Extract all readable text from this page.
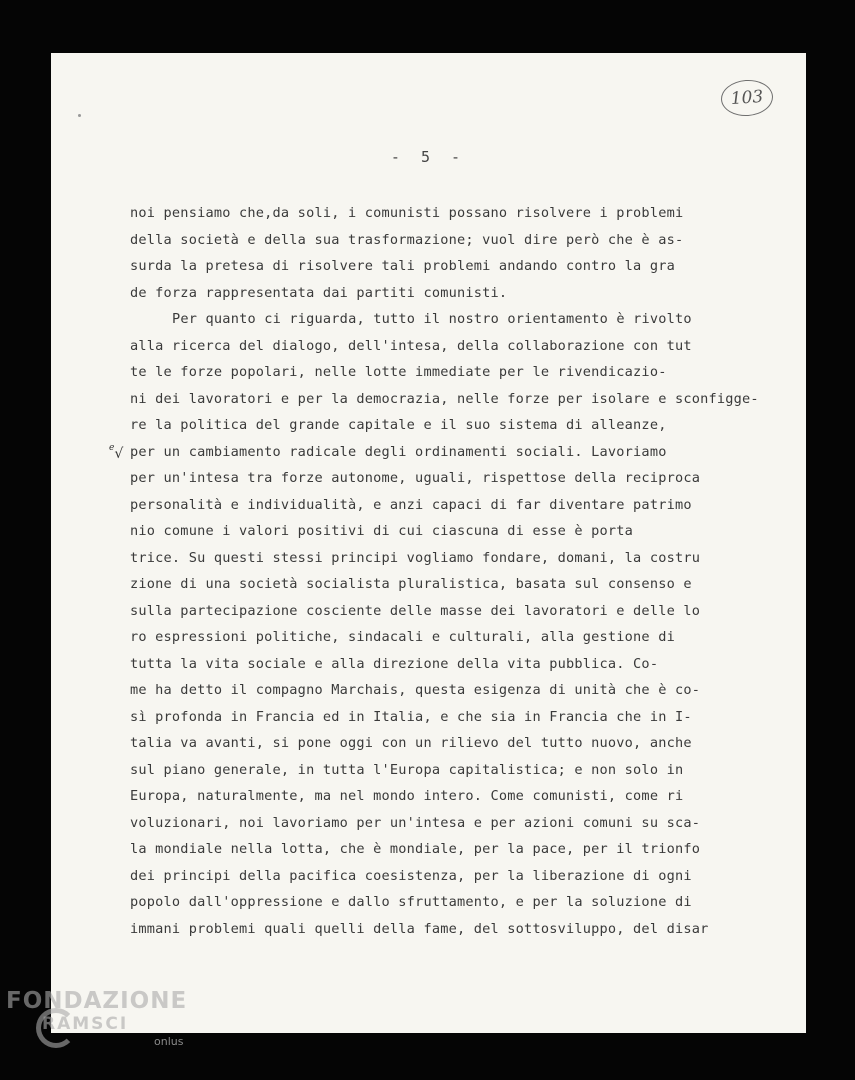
103
- 5 -
$^e$√
noi pensiamo che,da soli, i comunisti possano risolvere i problemi
della società e della sua trasformazione; vuol dire però che è as-
surda la pretesa di risolvere tali problemi andando contro la gra
de forza rappresentata dai partiti comunisti.
Per quanto ci riguarda, tutto il nostro orientamento è rivolto
alla ricerca del dialogo, dell'intesa, della collaborazione con tut
te le forze popolari, nelle lotte immediate per le rivendicazio-
ni dei lavoratori e per la democrazia, nelle forze per isolare e sconfigge-
re la politica del grande capitale e il suo sistema di alleanze,
per un cambiamento radicale degli ordinamenti sociali. Lavoriamo
per un'intesa tra forze autonome, uguali, rispettose della reciproca
personalità e individualità, e anzi capaci di far diventare patrimo
nio comune i valori positivi di cui ciascuna di esse è porta
trice. Su questi stessi principi vogliamo fondare, domani, la costru
zione di una società socialista pluralistica, basata sul consenso e
sulla partecipazione cosciente delle masse dei lavoratori e delle lo
ro espressioni politiche, sindacali e culturali, alla gestione di
tutta la vita sociale e alla direzione della vita pubblica. Co-
me ha detto il compagno Marchais, questa esigenza di unità che è co-
sì profonda in Francia ed in Italia, e che sia in Francia che in I-
talia va avanti, si pone oggi con un rilievo del tutto nuovo, anche
sul piano generale, in tutta l'Europa capitalistica; e non solo in
Europa, naturalmente, ma nel mondo intero. Come comunisti, come ri
voluzionari, noi lavoriamo per un'intesa e per azioni comuni su sca-
la mondiale nella lotta, che è mondiale, per la pace, per il trionfo
dei principi della pacifica coesistenza, per la liberazione di ogni
popolo dall'oppressione e dallo sfruttamento, e per la soluzione di
immani problemi quali quelli della fame, del sottosviluppo, del disar
FONDAZIONE
RAMSCI
onlus
